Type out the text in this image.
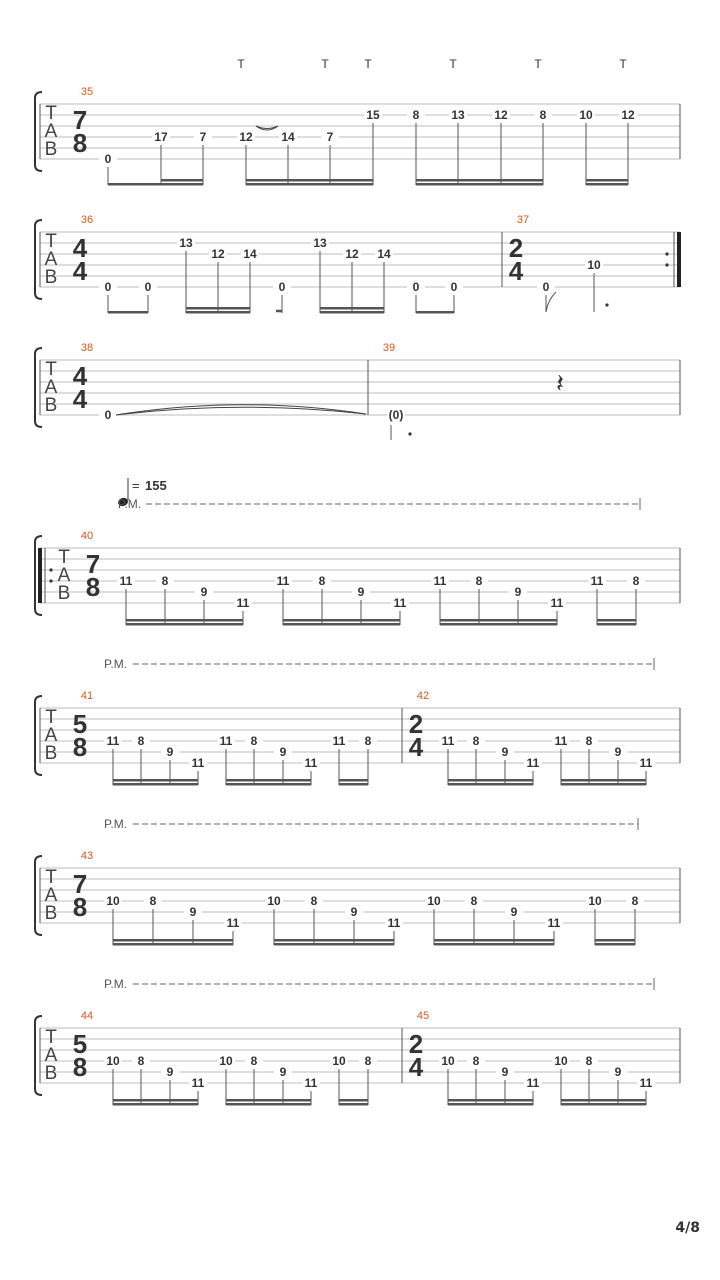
T
A
B
35
7
8
0
17	7	12 14	7
15	8	13 12	8	10 12
T
A
B
36
4
4
0	0
13
12 14
0
13
12 14
0	0
37
2
4
0
10
T
A
B
38
4
4
0
39
(0)
T
A
B
40
7
8 11 8
9
11
11 8
9
11
11 8
9
11
11 8
T
A
B
41
5
8 11 8
9
11
11 8
9
11
11 8
42
2
4 11 8
9
11
11 8
9
11
T
A
B
43
7
8 10 8
9
11
10 8
9
11
10 8
9
11
10 8
T
A
B
44
5
8 10 8
9
11
10 8
9
11
10 8
45
2
4 10 8
9
11
10 8
9
11
T	T	T	T	T	T
𝄽
= 155
P.M.
P.M.
P.M.
P.M.
4/8
